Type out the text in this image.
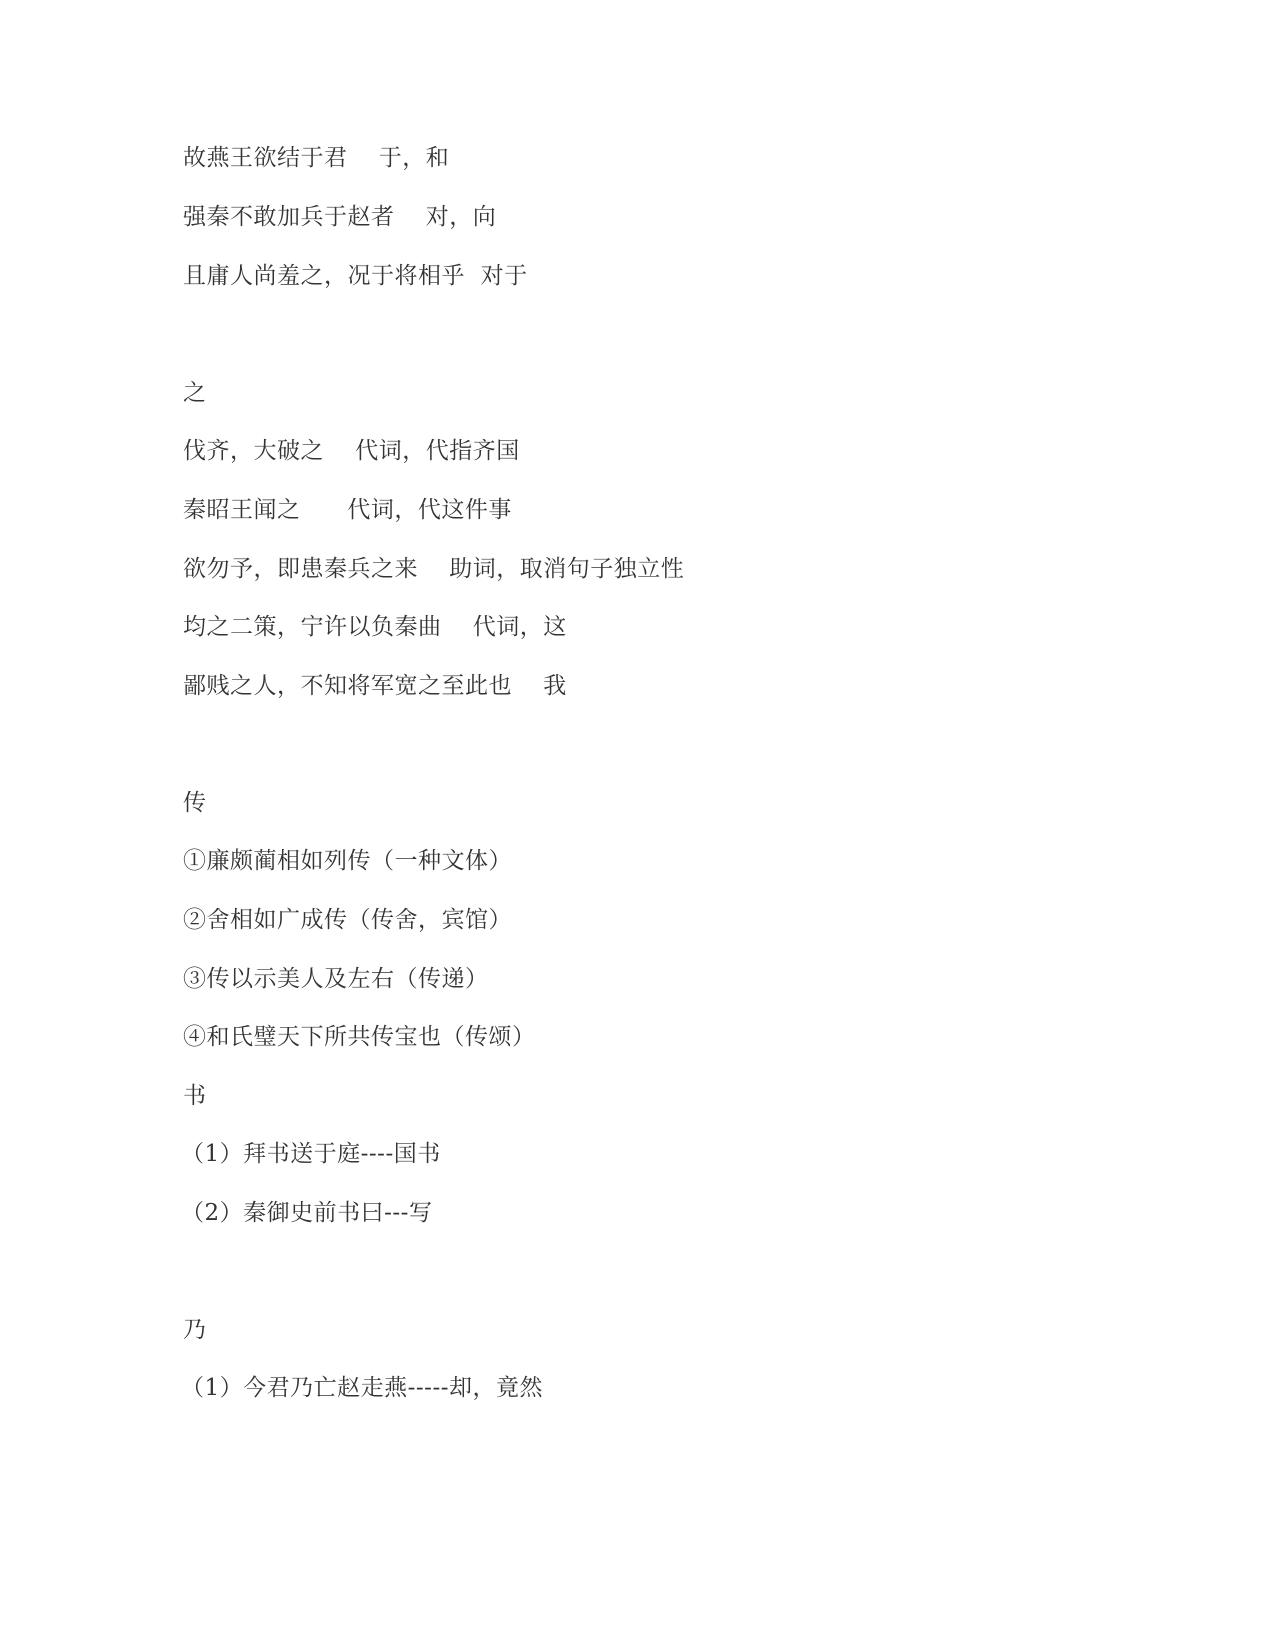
故燕王欲结于君    于，和
强秦不敢加兵于赵者    对，向
且庸人尚羞之，况于将相乎  对于
之
伐齐，大破之    代词，代指齐国
秦昭王闻之      代词，代这件事
欲勿予，即患秦兵之来    助词，取消句子独立性
均之二策，宁许以负秦曲    代词，这
鄙贱之人，不知将军宽之至此也    我
传
①廉颇蔺相如列传（一种文体）
②舍相如广成传（传舍，宾馆）
③传以示美人及左右（传递）
④和氏璧天下所共传宝也（传颂）
书
（1）拜书送于庭----国书
（2）秦御史前书曰---写
乃
（1）今君乃亡赵走燕-----却，竟然
